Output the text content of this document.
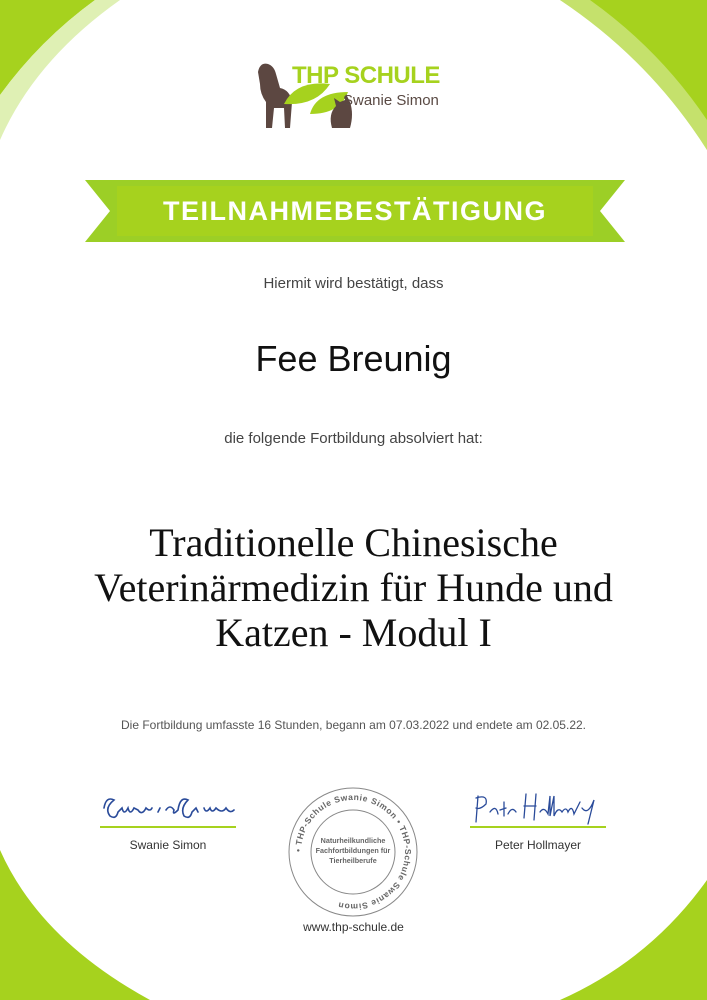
THP SCHULE
Swanie Simon
TEILNAHMEBESTÄTIGUNG
Hiermit wird bestätigt, dass
Fee Breunig
die folgende Fortbildung absolviert hat:
Traditionelle Chinesische
Veterinärmedizin für Hunde und
Katzen - Modul I
Die Fortbildung umfasste 16 Stunden, begann am 07.03.2022 und endete am 02.05.22.
Swanie Simon	Peter Hollmayer
• THP-Schule Swanie Simon • THP-Schule Swanie Simon
Naturheilkundliche
Fachfortbildungen für
Tierheilberufe
www.thp-schule.de
